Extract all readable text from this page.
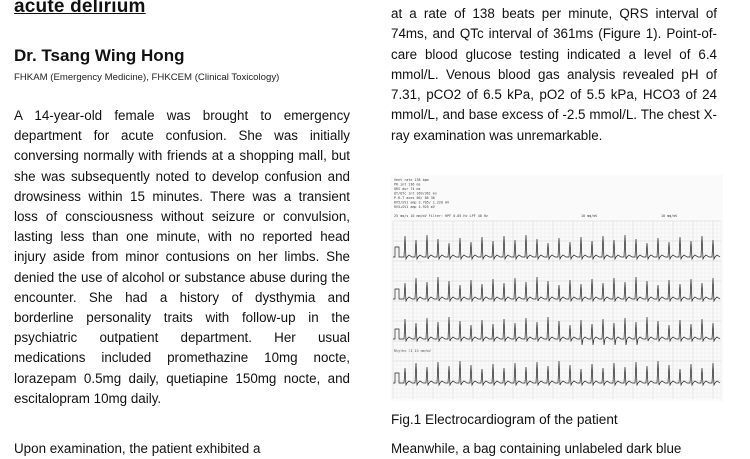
acute delirium
Dr. Tsang Wing Hong
FHKAM (Emergency Medicine), FHKCEM (Clinical Toxicology)

A 14-year-old female was brought to emergency department for acute confusion. She was initially conversing normally with friends at a shopping mall, but she was subsequently noted to develop confusion and drowsiness within 15 minutes. There was a transient loss of consciousness without seizure or convulsion, lasting less than one minute, with no reported head injury aside from minor contusions on her limbs. She denied the use of alcohol or substance abuse during the encounter. She had a history of dysthymia and borderline personality traits with follow-up in the psychiatric outpatient department. Her usual medications included promethazine 10mg nocte, lorazepam 0.5mg daily, quetiapine 150mg nocte, and escitalopram 10mg daily.

Upon examination, the patient exhibited a

at a rate of 138 beats per minute, QRS interval of 74ms, and QTc interval of 361ms (Figure 1). Point-of-care blood glucose testing indicated a level of 6.4 mmol/L. Venous blood gas analysis revealed pH of 7.31, pCO2 of 6.5 kPa, pO2 of 5.5 kPa, HCO3 of 24 mmol/L, and base excess of -2.5 mmol/L. The chest X-ray examination was unremarkable.

Meanwhile, a bag containing unlabeled dark blue

Vent rate 138 bpm
PR int 136 ms
QRS dur 74 ms
QT/QTc int 269/361 ms
P-R-T axes 66/ 86 36
RV5/SV1 amp 3.705/ 1.220 mV
RV5+SV1 amp 4.925 mV
25 mm/s 10 mm/mV Filter: HPF 0.05 Hz LPF 40 Hz	10 mm/mV	10 mm/mV
Rhythm II 10 mm/mV
Fig.1 Electrocardiogram of the patient
